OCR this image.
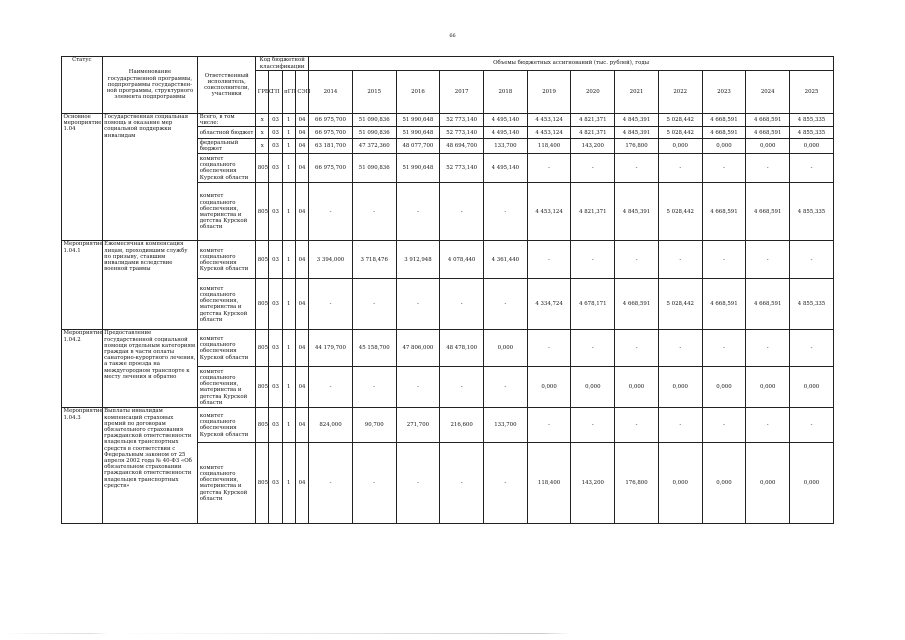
66
Статус	Наименование государственной программы, подпрограммы государствен-ной программы, структурного элемента подпрограммы	Ответственный исполнитель, соисполнители, участники	Код бюджетной классификации				Объемы бюджетных ассигнований (тыс. рублей), годы											
			ГРБС	ГП	пГП	СЭП	2014	2015	2016	2017	2018	2019	2020	2021	2022	2023	2024	2025
Основное мероприятие 1.04	Государственная социальная помощь и оказание мер социальной поддержки инвалидам	Всего, в том числе:	х	03	1	04	66 975,700	51 090,836	51 990,648	52 773,140	4 495,140	4 453,124	4 821,371	4 845,391	5 028,442	4 668,591	4 668,591	4 855,335
		областной бюджет	х	03	1	04	66 975,700	51 090,836	51 990,648	52 773,140	4 495,140	4 453,124	4 821,371	4 845,391	5 028,442	4 668,591	4 668,591	4 855,335
		федеральный бюджет	х	03	1	04	63 181,700	47 372,360	48 077,700	48 694,700	133,700	118,400	143,200	176,800	0,000	0,000	0,000	0,000
		комитет социального обеспечения Курской области	805	03	1	04	66 975,700	51 090,836	51 990,648	52 773,140	4 495,140	-	-	-	-	-	-	-
		комитет социального обеспечения, материнства и детства Курской области	805	03	1	04	-	-	-	-	-	4 453,124	4 821,371	4 845,391	5 028,442	4 668,591	4 668,591	4 855,335
Мероприятие 1.04.1	Ежемесячная компенсация лицам, проходившим службу по призыву, ставшим инвалидами вследствие военной травмы	комитет социального обеспечения Курской области	805	03	1	04	3 394,000	3 718,476	3 912,948	4 078,440	4 361,440	-	-	-	-	-	-	-
		комитет социального обеспечения, материнства и детства Курской области	805	03	1	04	-	-	-	-	-	4 334,724	4 678,171	4 668,591	5 028,442	4 668,591	4 668,591	4 855,335
Мероприятие 1.04.2	Предоставление государственной социальной помощи отдельным категориям граждан в части оплаты санаторно-курортного лечения, а также проезда на междугородном транспорте к месту лечения и обратно	комитет социального обеспечения Курской области	805	03	1	04	44 179,700	45 158,700	47 806,000	48 478,100	0,000	-	-	-	-	-	-	-
		комитет социального обеспечения, материнства и детства Курской области	805	03	1	04	-	-	-	-	-	0,000	0,000	0,000	0,000	0,000	0,000	0,000
Мероприятие 1.04.3	Выплаты инвалидам компенсаций страховых премий по договорам обязательного страхования гражданской ответственности владельцев транспортных средств в соответствии с Федеральным законом от 25 апреля 2002 года № 40-ФЗ «Об обязательном страховании гражданской ответственности владельцев транспортных средств»	комитет социального обеспечения Курской области	805	03	1	04	824,000	90,700	271,700	216,600	133,700	-	-	-	-	-	-	-
		комитет социального обеспечения, материнства и детства Курской области	805	03	1	04	-	-	-	-	-	118,400	143,200	176,800	0,000	0,000	0,000	0,000
